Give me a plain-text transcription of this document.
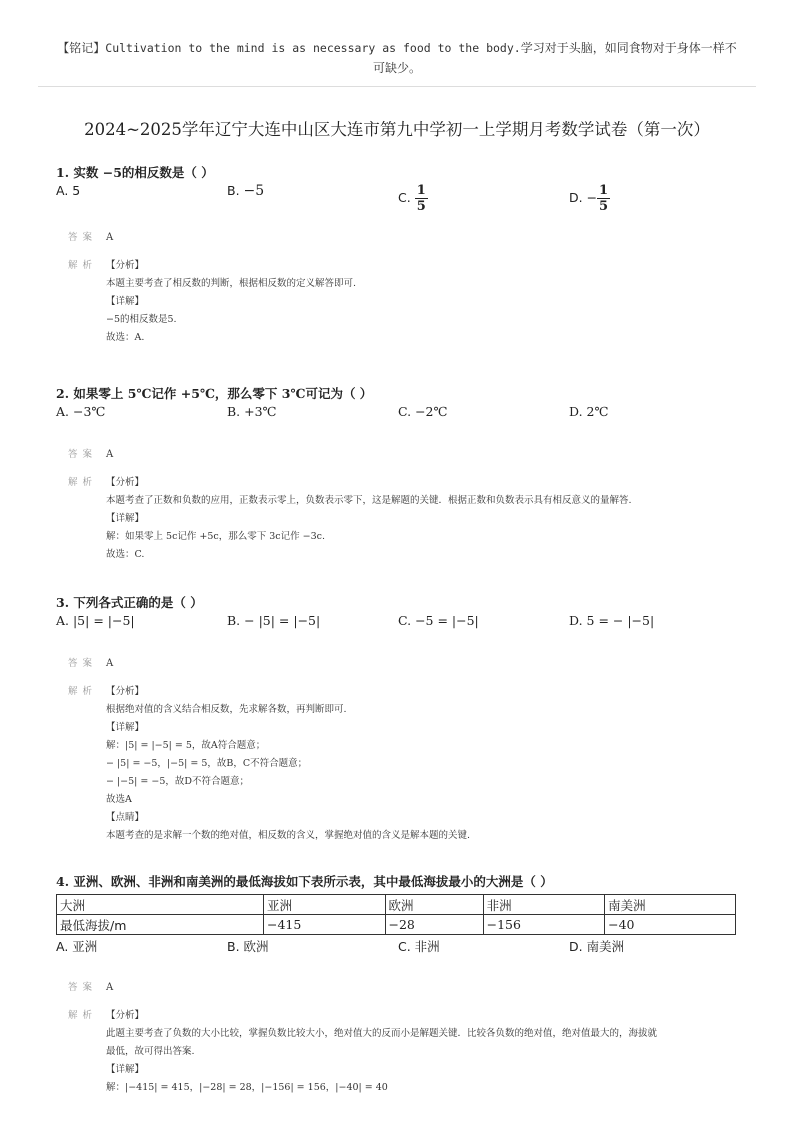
【铭记】Cultivation to the mind is as necessary as food to the body.学习对于头脑，如同食物对于身体一样不
可缺少。
2024~2025学年辽宁大连中山区大连市第九中学初一上学期月考数学试卷（第一次）
1. 实数 −5的相反数是（ ）
A. 5	B. −5	C. $\frac{1}{5}$	D. − $\frac{1}{5}$
答 案 A
解 析 【分析】
本题主要考查了相反数的判断，根据相反数的定义解答即可.
【详解】
−5的相反数是5.
故选：A.
2. 如果零上 5℃记作 +5℃，那么零下 3℃可记为（ ）
A. −3℃	B. +3℃	C. −2℃	D. 2℃
答 案 A
解 析 【分析】
本题考查了正数和负数的应用，正数表示零上，负数表示零下，这是解题的关键．根据正数和负数表示具有相反意义的量解答.
【详解】
解：如果零上 5c记作 +5c，那么零下 3c记作 −3c.
故选：C.
3. 下列各式正确的是（ ）
A. |5| = |−5|	B. − |5| = |−5|	C. −5 = |−5|	D. 5 = − |−5|
答 案 A
解 析 【分析】
根据绝对值的含义结合相反数，先求解各数，再判断即可.
【详解】
解：|5| = |−5| = 5，故A符合题意；
− |5| = −5，|−5| = 5，故B，C不符合题意；
− |−5| = −5，故D不符合题意；
故选A
【点睛】
本题考查的是求解一个数的绝对值，相反数的含义，掌握绝对值的含义是解本题的关键.
4. 亚洲、欧洲、非洲和南美洲的最低海拔如下表所示表，其中最低海拔最小的大洲是（ ）
大洲	亚洲	欧洲	非洲	南美洲
最低海拔/m	−415	−28	−156	−40
A. 亚洲	B. 欧洲	C. 非洲	D. 南美洲
答 案 A
解 析 【分析】
此题主要考查了负数的大小比较，掌握负数比较大小，绝对值大的反而小是解题关键．比较各负数的绝对值，绝对值最大的，海拔就
最低，故可得出答案.
【详解】
解：|−415| = 415，|−28| = 28，|−156| = 156，|−40| = 40
